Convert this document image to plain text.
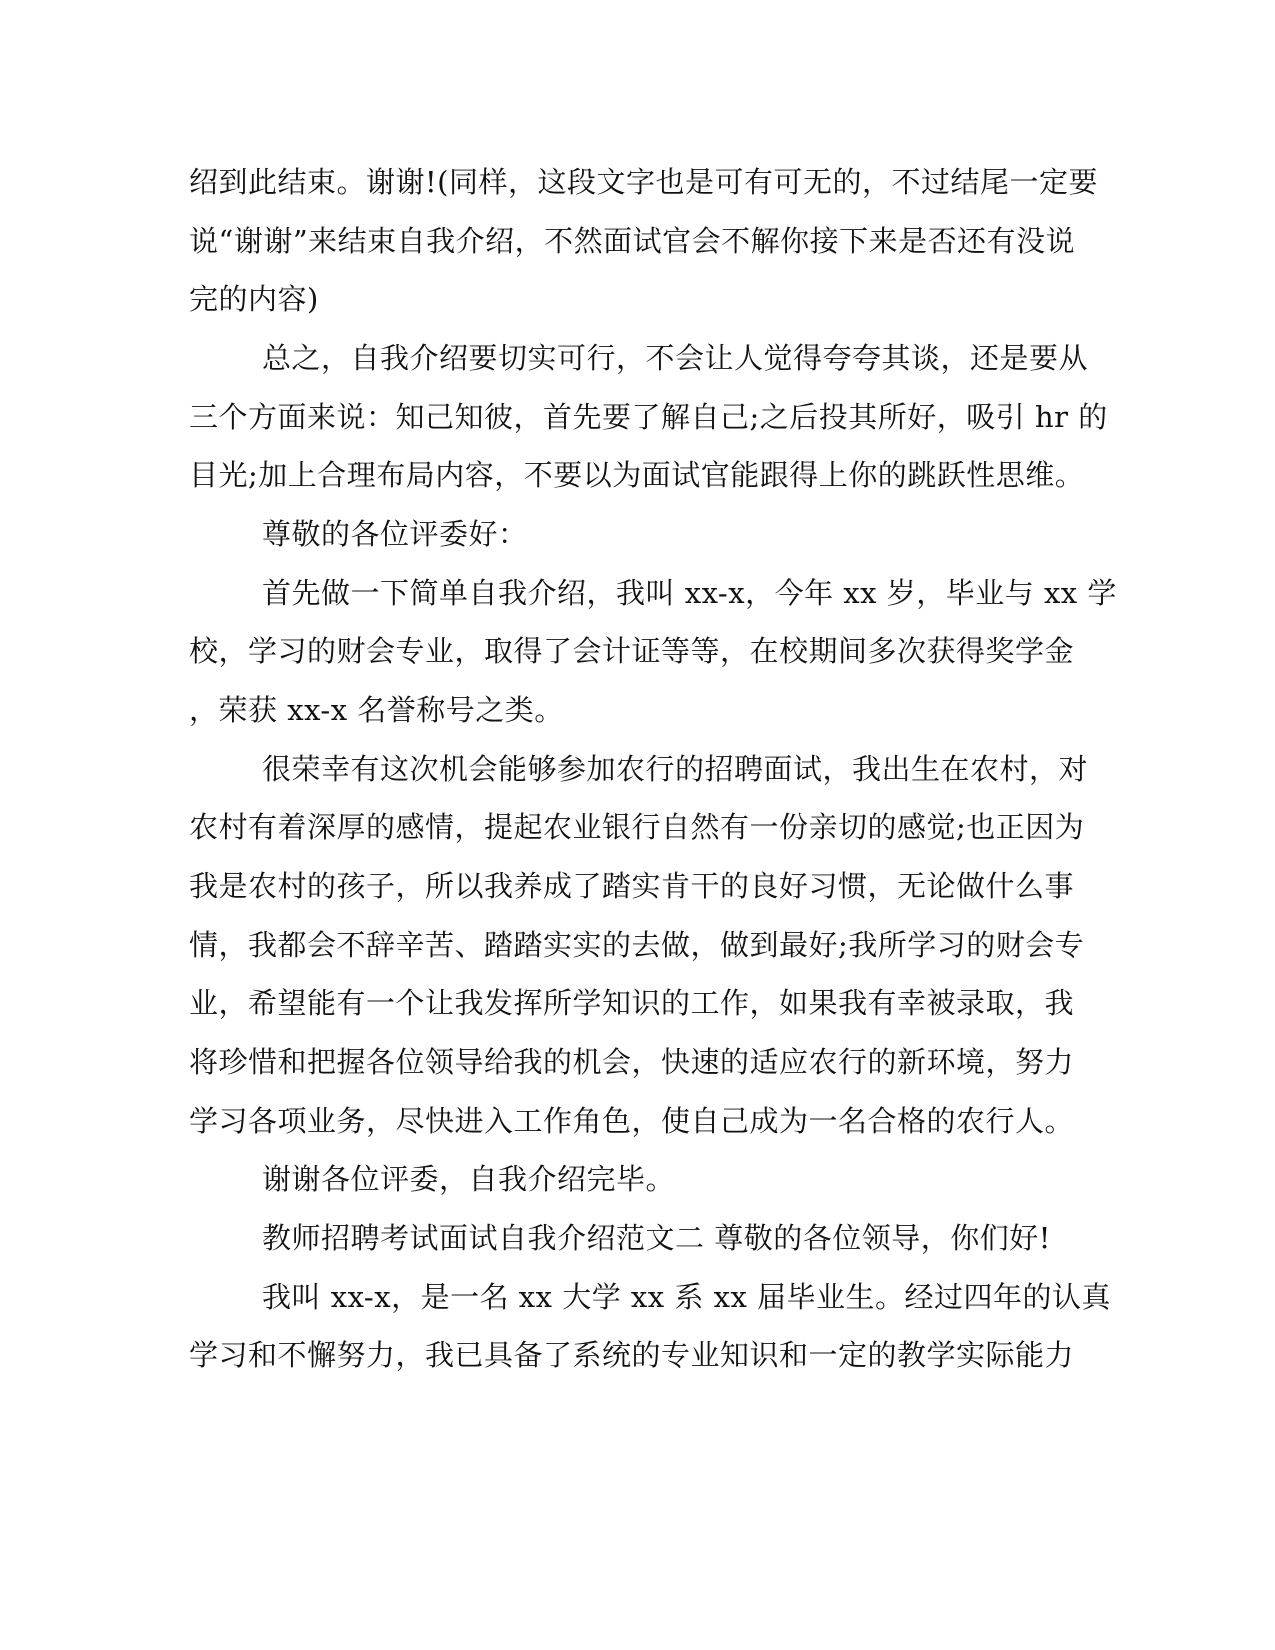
绍到此结束。谢谢!(同样，这段文字也是可有可无的，不过结尾一定要
说“谢谢”来结束自我介绍，不然面试官会不解你接下来是否还有没说
完的内容)
总之，自我介绍要切实可行，不会让人觉得夸夸其谈，还是要从
三个方面来说：知己知彼，首先要了解自己;之后投其所好，吸引 hr 的
目光;加上合理布局内容，不要以为面试官能跟得上你的跳跃性思维。
尊敬的各位评委好：
首先做一下简单自我介绍，我叫 xx-x，今年 xx 岁，毕业与 xx 学
校，学习的财会专业，取得了会计证等等，在校期间多次获得奖学金
，荣获 xx-x 名誉称号之类。
很荣幸有这次机会能够参加农行的招聘面试，我出生在农村，对
农村有着深厚的感情，提起农业银行自然有一份亲切的感觉;也正因为
我是农村的孩子，所以我养成了踏实肯干的良好习惯，无论做什么事
情，我都会不辞辛苦、踏踏实实的去做，做到最好;我所学习的财会专
业，希望能有一个让我发挥所学知识的工作，如果我有幸被录取，我
将珍惜和把握各位领导给我的机会，快速的适应农行的新环境，努力
学习各项业务，尽快进入工作角色，使自己成为一名合格的农行人。
谢谢各位评委，自我介绍完毕。
教师招聘考试面试自我介绍范文二 尊敬的各位领导，你们好!
我叫 xx-x，是一名 xx 大学 xx 系 xx 届毕业生。经过四年的认真
学习和不懈努力，我已具备了系统的专业知识和一定的教学实际能力
